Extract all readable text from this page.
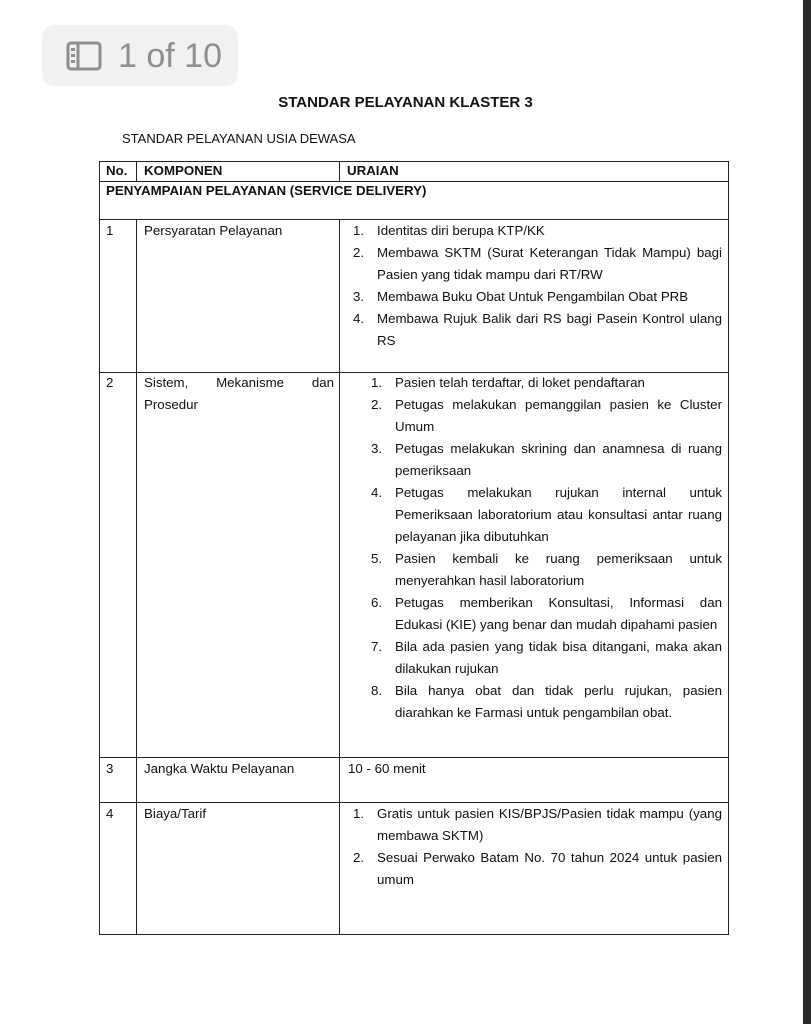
1 of 10
STANDAR PELAYANAN KLASTER 3
STANDAR PELAYANAN USIA DEWASA
No. KOMPONEN	URAIAN
PENYAMPAIAN PELAYANAN (SERVICE DELIVERY)
1 Persyaratan Pelayanan	1. Identitas diri berupa KTP/KK
2. Membawa SKTM (Surat Keterangan Tidak Mampu) bagi Pasien yang tidak mampu dari RT/RW
3. Membawa Buku Obat Untuk Pengambilan Obat PRB
4. Membawa Rujuk Balik dari RS bagi Pasein Kontrol ulang RS
2 Sistem, Mekanisme dan Prosedur
1. Pasien telah terdaftar, di loket pendaftaran
2. Petugas melakukan pemanggilan pasien ke Cluster Umum
3. Petugas melakukan skrining dan anamnesa di ruang pemeriksaan
4. Petugas melakukan rujukan internal untuk Pemeriksaan laboratorium atau konsultasi antar ruang pelayanan jika dibutuhkan
5. Pasien kembali ke ruang pemeriksaan untuk menyerahkan hasil laboratorium
6. Petugas memberikan Konsultasi, Informasi dan Edukasi (KIE) yang benar dan mudah dipahami pasien
7. Bila ada pasien yang tidak bisa ditangani, maka akan dilakukan rujukan
8. Bila hanya obat dan tidak perlu rujukan, pasien diarahkan ke Farmasi untuk pengambilan obat.
3 Jangka Waktu Pelayanan	10 - 60 menit
4 Biaya/Tarif	1. Gratis untuk pasien KIS/BPJS/Pasien tidak mampu (yang membawa SKTM)
2. Sesuai Perwako Batam No. 70 tahun 2024 untuk pasien umum
